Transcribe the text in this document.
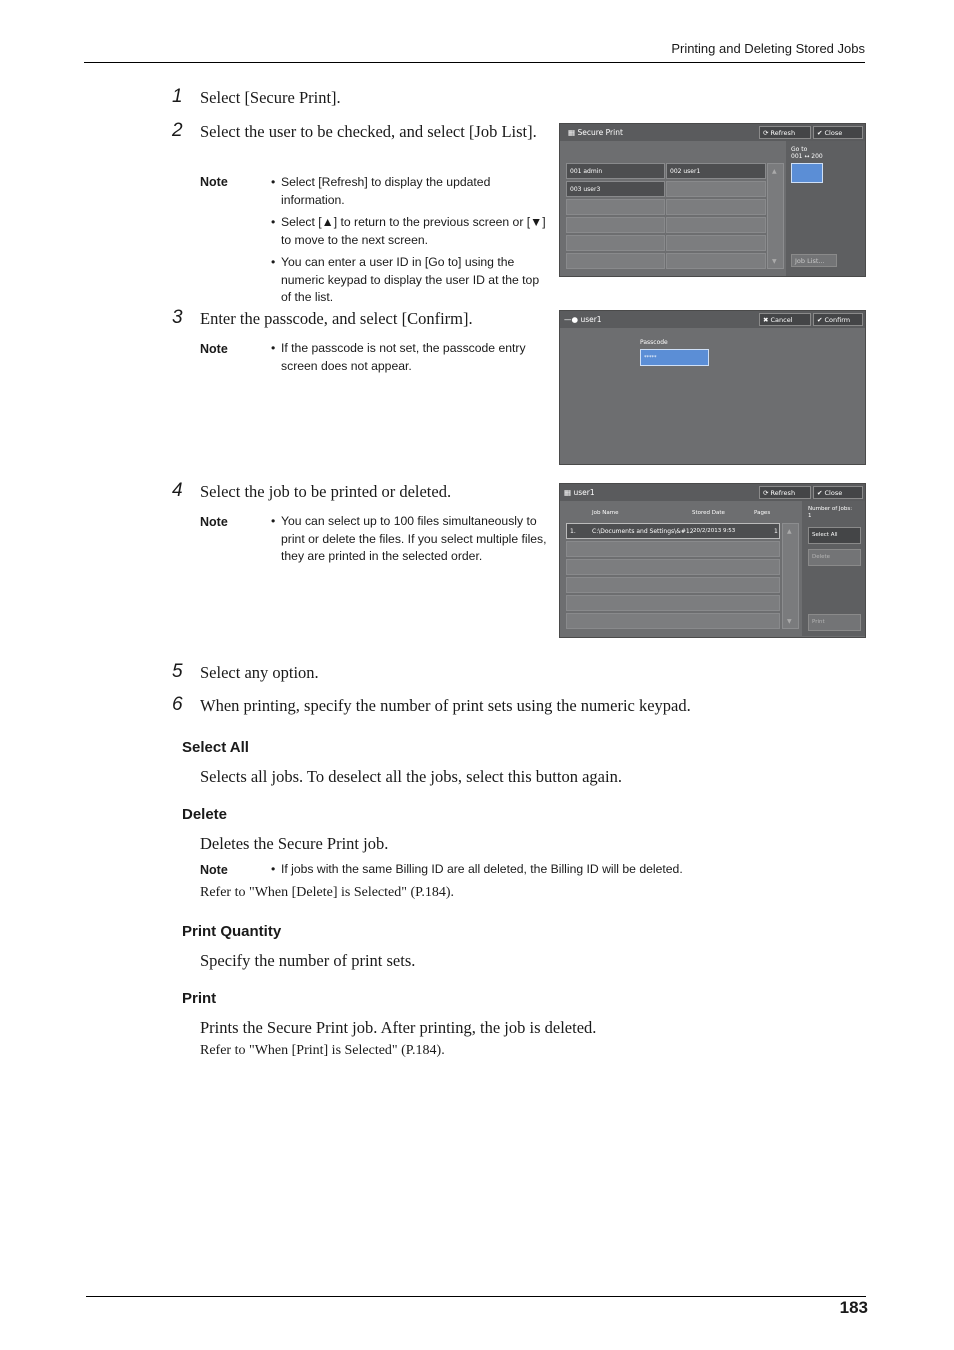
Printing and Deleting Stored Jobs
1 Select [Secure Print].
2 Select the user to be checked, and select [Job List].
Note	• Select [Refresh] to display the updated information.
• Select [▲] to return to the previous screen or [▼] to move to the next screen.
• You can enter a user ID in [Go to] using the numeric keypad to display the user ID at the top of the list.
▦ Secure Print	⟳ Refresh	✔ Close
Go to
001 ↔ 200
Job List...
001 admin	002 user1
003 user3
▲
▼
3 Enter the passcode, and select [Confirm].
Note	• If the passcode is not set, the passcode entry screen does not appear.
—● user1	✖ Cancel	✔ Confirm
Passcode
*****
4 Select the job to be printed or deleted.
Note	• You can select up to 100 files simultaneously to print or delete the files. If you select multiple files, they are printed in the selected order.
▦ user1	⟳ Refresh	✔ Close
Job Name	Stored Date	Pages
1.	C:\Documents and Settings\&#12 20/2/2013 9:53	1 ▲
▼
Number of Jobs:
1
Select All
Delete
Print
5 Select any option.
6 When printing, specify the number of print sets using the numeric keypad.
Select All
Selects all jobs. To deselect all the jobs, select this button again.
Delete
Deletes the Secure Print job.
Note	• If jobs with the same Billing ID are all deleted, the Billing ID will be deleted.
Refer to "When [Delete] is Selected" (P.184).
Print Quantity
Specify the number of print sets.
Print
Prints the Secure Print job. After printing, the job is deleted.
Refer to "When [Print] is Selected" (P.184).
183
